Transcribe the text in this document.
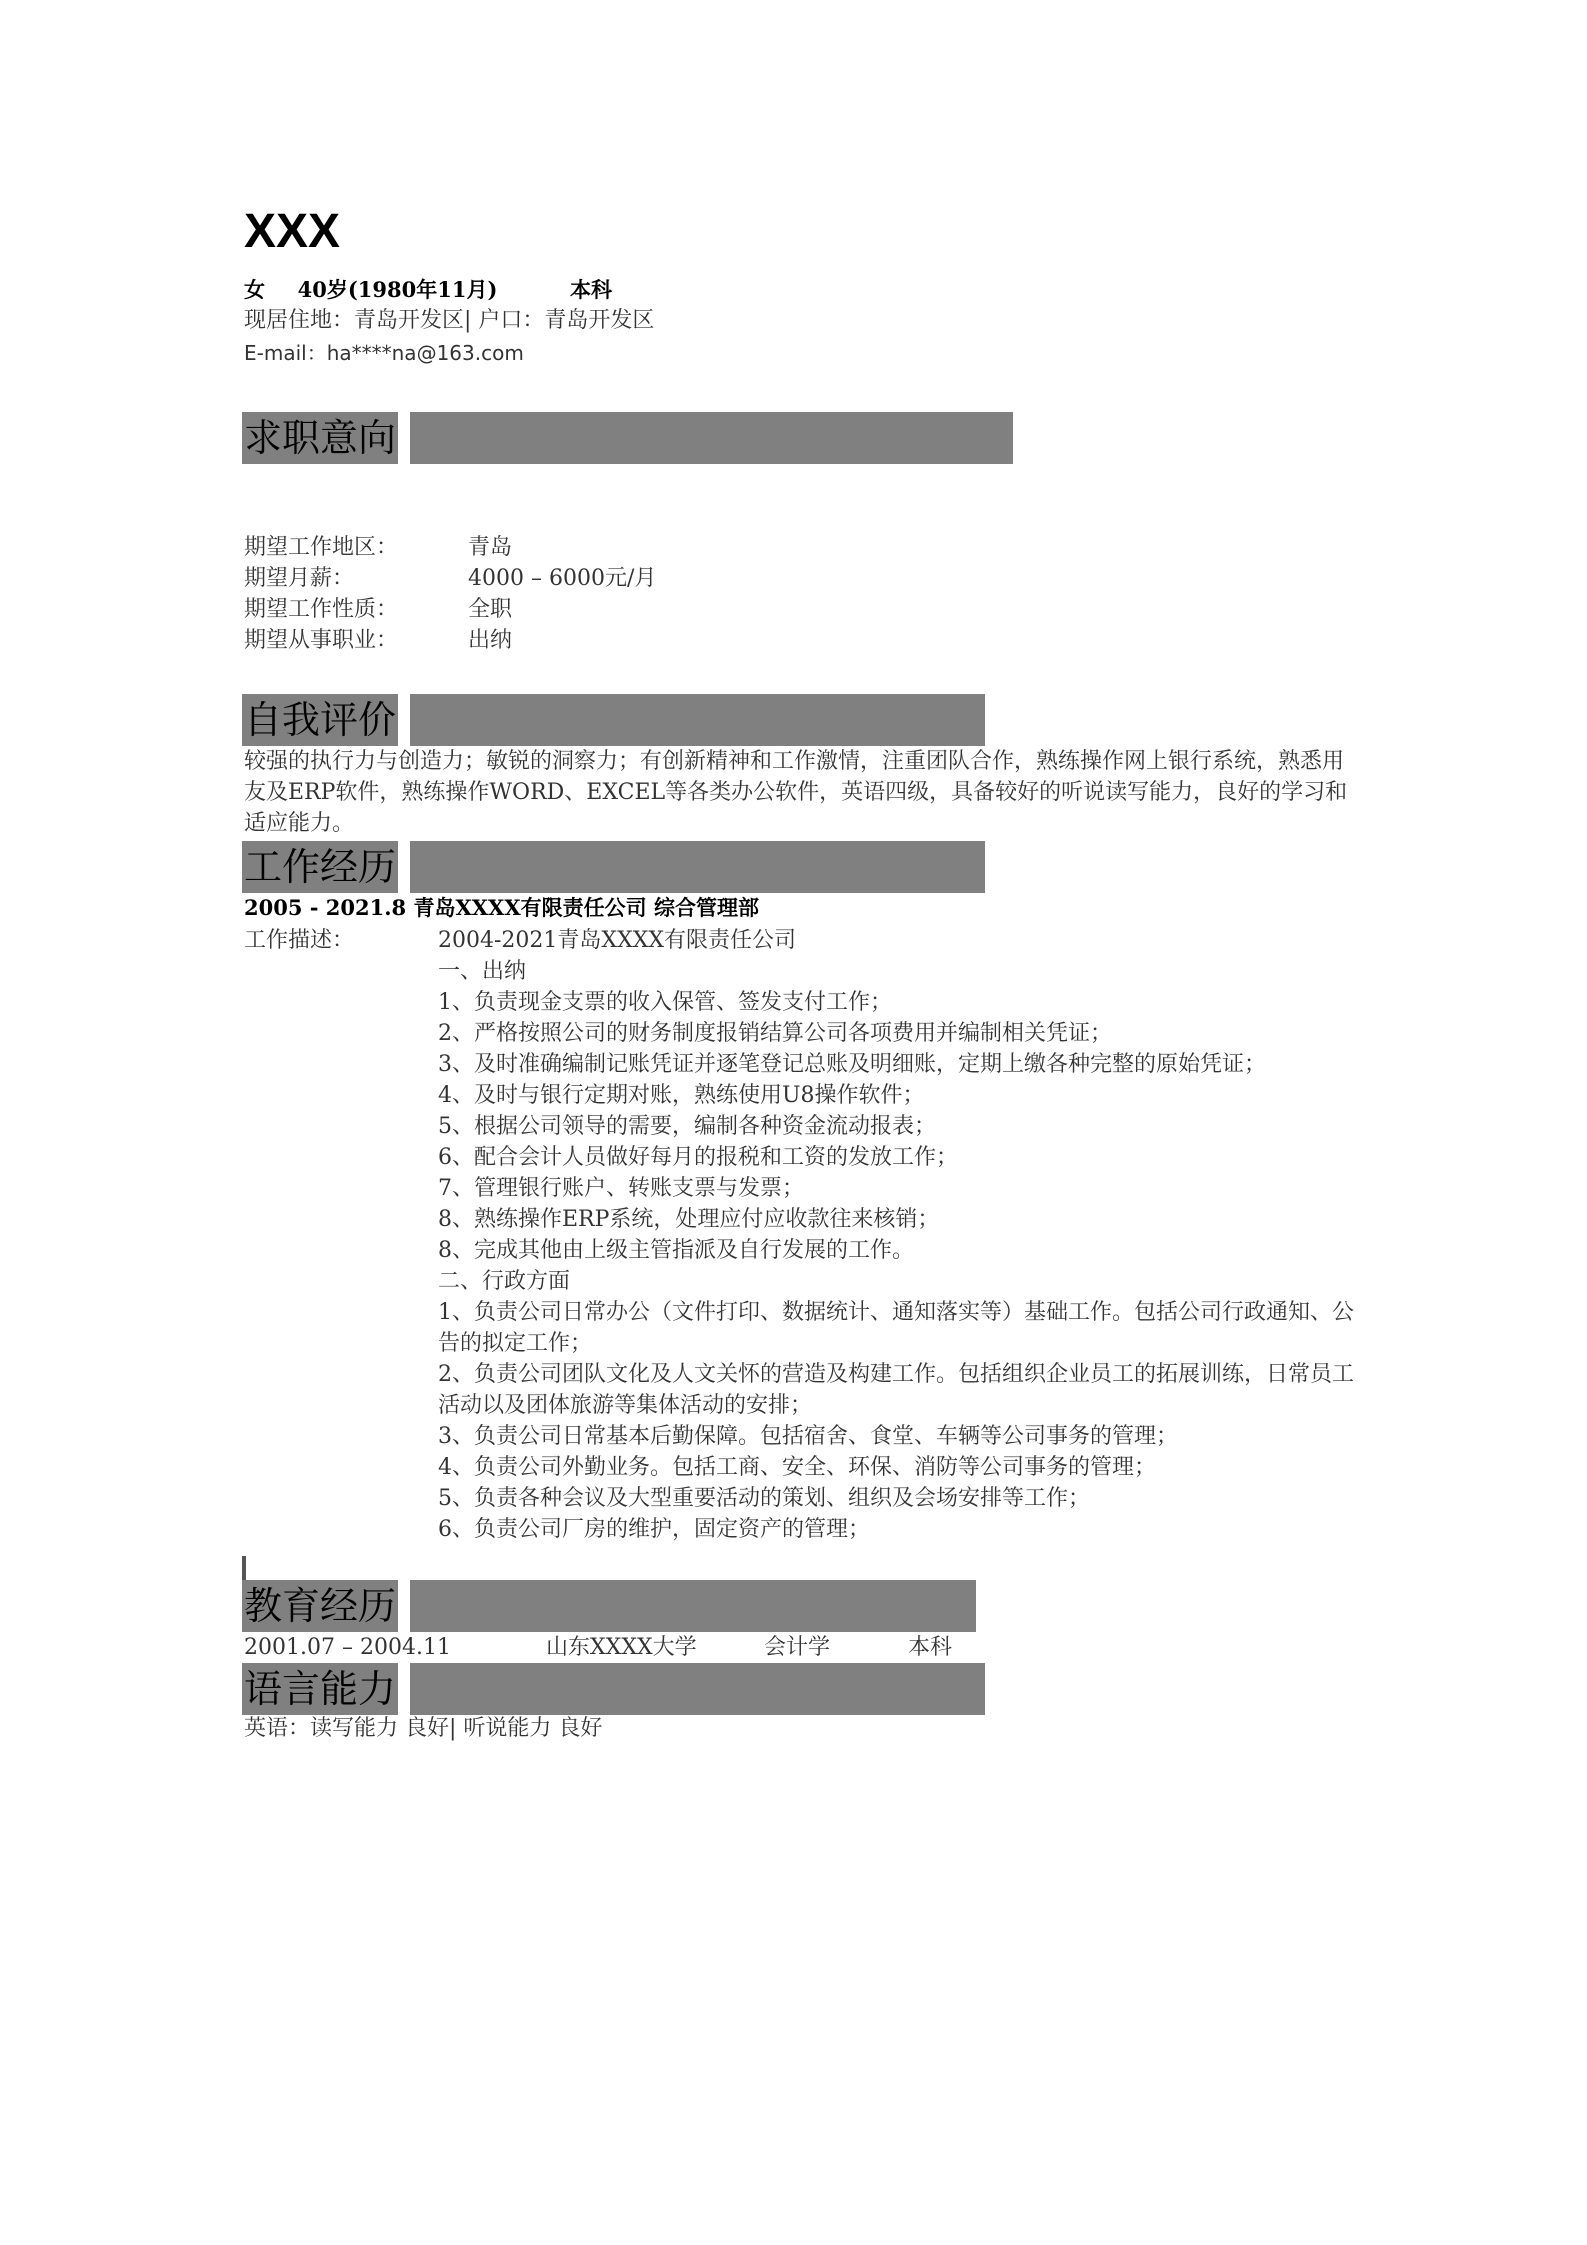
XXX
女 40岁(1980年11月)	本科
现居住地：青岛开发区| 户口：青岛开发区
E-mail：ha****na@163.com
求职意向
期望工作地区：	青岛
期望月薪：	4000 – 6000元/月
期望工作性质：	全职
期望从事职业：	出纳
自我评价
较强的执行力与创造力；敏锐的洞察力；有创新精神和工作激情，注重团队合作，熟练操作网上银行系统，熟悉用友及ERP软件，熟练操作WORD、EXCEL等各类办公软件，英语四级，具备较好的听说读写能力，良好的学习和适应能力。
工作经历
2005 - 2021.8 青岛XXXX有限责任公司 综合管理部
工作描述：	2004-2021青岛XXXX有限责任公司
一、出纳
1、负责现金支票的收入保管、签发支付工作；
2、严格按照公司的财务制度报销结算公司各项费用并编制相关凭证；
3、及时准确编制记账凭证并逐笔登记总账及明细账，定期上缴各种完整的原始凭证；
4、及时与银行定期对账，熟练使用U8操作软件；
5、根据公司领导的需要，编制各种资金流动报表；
6、配合会计人员做好每月的报税和工资的发放工作；
7、管理银行账户、转账支票与发票；
8、熟练操作ERP系统，处理应付应收款往来核销；
8、完成其他由上级主管指派及自行发展的工作。
二、行政方面
1、负责公司日常办公（文件打印、数据统计、通知落实等）基础工作。包括公司行政通知、公告的拟定工作；
2、负责公司团队文化及人文关怀的营造及构建工作。包括组织企业员工的拓展训练，日常员工活动以及团体旅游等集体活动的安排；
3、负责公司日常基本后勤保障。包括宿舍、食堂、车辆等公司事务的管理；
4、负责公司外勤业务。包括工商、安全、环保、消防等公司事务的管理；
5、负责各种会议及大型重要活动的策划、组织及会场安排等工作；
6、负责公司厂房的维护，固定资产的管理；
教育经历
2001.07 – 2004.11	山东XXXX大学	会计学	本科
语言能力
英语：读写能力 良好| 听说能力 良好
